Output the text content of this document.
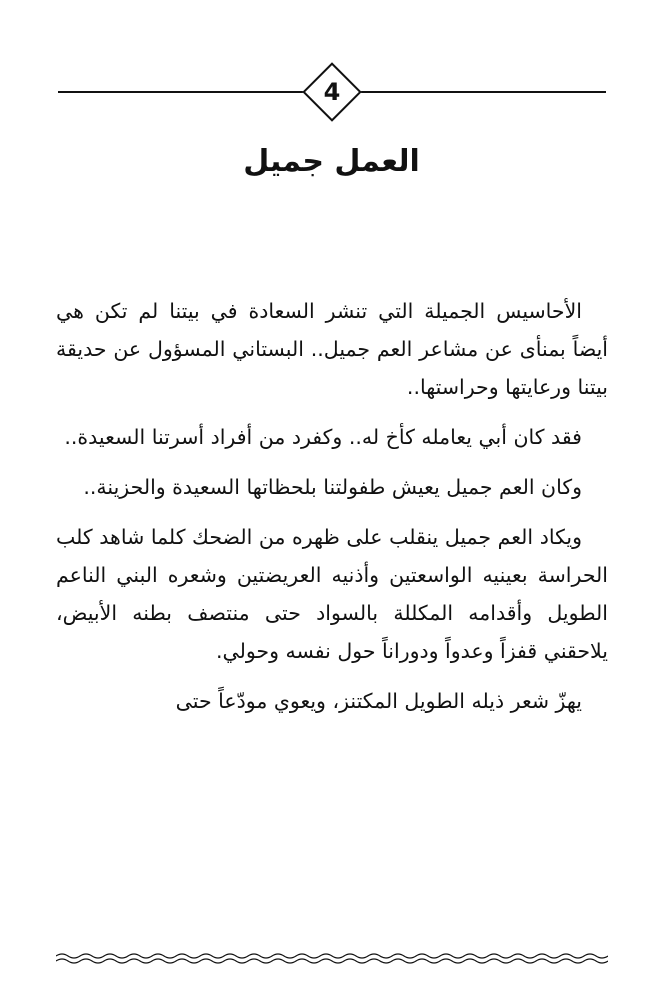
4
العمل جميل

الأحاسيس الجميلة التي تنشر السعادة في بيتنا لم تكن هي أيضاً بمنأى عن مشاعر العم جميل.. البستاني المسؤول عن حديقة بيتنا ورعايتها وحراستها..

فقد كان أبي يعامله كأخ له.. وكفرد من أفراد أسرتنا السعيدة..

وكان العم جميل يعيش طفولتنا بلحظاتها السعيدة والحزينة..

ويكاد العم جميل ينقلب على ظهره من الضحك كلما شاهد كلب الحراسة بعينيه الواسعتين وأذنيه العريضتين وشعره البني الناعم الطويل وأقدامه المكللة بالسواد حتى منتصف بطنه الأبيض، يلاحقني قفزاً وعدواً ودوراناً حول نفسه وحولي.

يهزّ شعر ذيله الطويل المكتنز، ويعوي مودّعاً حتى
